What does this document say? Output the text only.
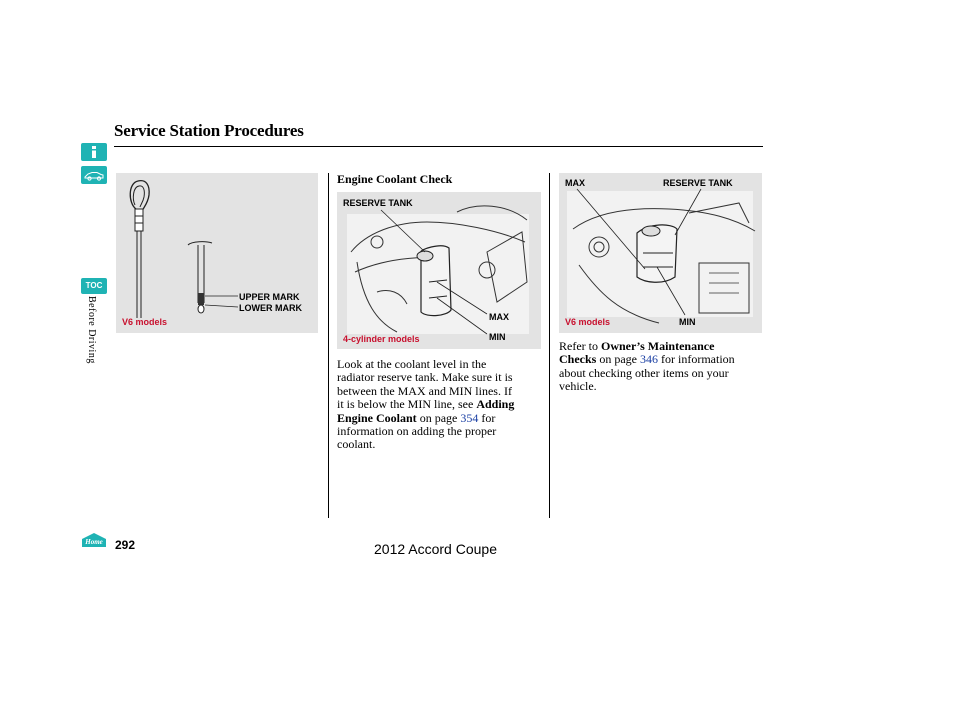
Service Station Procedures
TOC
Before Driving	UPPER MARK
LOWER MARK
V6 models
Engine Coolant Check
RESERVE TANK
MAX
MIN
4-cylinder models
Look at the coolant level in the
radiator reserve tank. Make sure it is
between the MAX and MIN lines. If
it is below the MIN line, see Adding
Engine Coolant on page 354 for
information on adding the proper
coolant.
MAX	RESERVE TANK
V6 models	MIN
Refer to Owner’s Maintenance
Checks on page 346 for information
about checking other items on your
vehicle.
Home 292	2012 Accord Coupe
